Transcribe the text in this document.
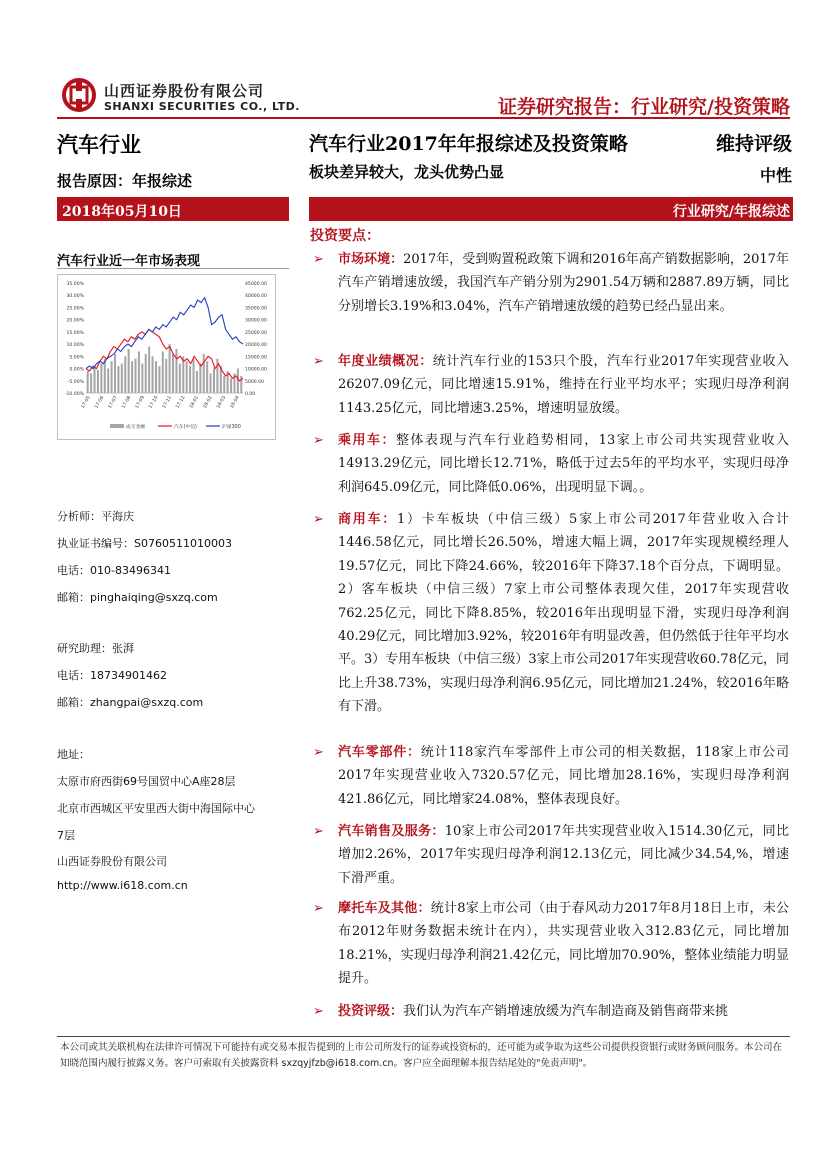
山西证券股份有限公司
SHANXI SECURITIES CO., LTD.	证券研究报告：行业研究/投资策略
汽车行业	汽车行业2017年年报综述及投资策略	维持评级
报告原因：年报综述	板块差异较大，龙头优势凸显	中性
2018年05月10日	行业研究/年报综述
汽车行业近一年市场表现
35.00%
30.00%
25.00%
20.00%
15.00%
10.00%
5.00%
0.00%
-5.00%
-10.00%
45000.00
40000.00
35000.00
30000.00
25000.00
20000.00
15000.00
10000.00
5000.00
0.00
17-05 17-06 17-07 17-08 17-09 17-10 17-11 17-12 18-01 18-02 18-03 18-04
成交金额	汽车(中信)	沪深300
分析师：平海庆
执业证书编号：S0760511010003
电话：010-83496341
邮箱：pinghaiqing@sxzq.com
研究助理：张湃
电话：18734901462
邮箱：zhangpai@sxzq.com
地址：
太原市府西街69号国贸中心A座28层
北京市西城区平安里西大街中海国际中心
7层
山西证券股份有限公司
http://www.i618.com.cn
投资要点：
➢	市场环境：2017年，受到购置税政策下调和2016年高产销数据影响，2017年汽车产销增速放缓，我国汽车产销分别为2901.54万辆和2887.89万辆，同比分别增长3.19%和3.04%，汽车产销增速放缓的趋势已经凸显出来。
➢	年度业绩概况：统计汽车行业的153只个股，汽车行业2017年实现营业收入26207.09亿元，同比增速15.91%，维持在行业平均水平；实现归母净利润1143.25亿元，同比增速3.25%，增速明显放缓。
➢	乘用车：整体表现与汽车行业趋势相同，13家上市公司共实现营业收入14913.29亿元，同比增长12.71%，略低于过去5年的平均水平，实现归母净利润645.09亿元，同比降低0.06%，出现明显下调。。
➢	商用车：1）卡车板块（中信三级）5家上市公司2017年营业收入合计1446.58亿元，同比增长26.50%，增速大幅上调，2017年实现规模经理人19.57亿元，同比下降24.66%，较2016年下降37.18个百分点，下调明显。2）客车板块（中信三级）7家上市公司整体表现欠佳，2017年实现营收762.25亿元，同比下降8.85%，较2016年出现明显下滑，实现归母净利润40.29亿元，同比增加3.92%，较2016年有明显改善，但仍然低于往年平均水平。3）专用车板块（中信三级）3家上市公司2017年实现营收60.78亿元，同比上升38.73%，实现归母净利润6.95亿元，同比增加21.24%，较2016年略有下滑。
➢	汽车零部件：统计118家汽车零部件上市公司的相关数据，118家上市公司2017年实现营业收入7320.57亿元，同比增加28.16%，实现归母净利润421.86亿元，同比增家24.08%，整体表现良好。
➢	汽车销售及服务：10家上市公司2017年共实现营业收入1514.30亿元，同比增加2.26%，2017年实现归母净利润12.13亿元，同比减少34.54,%，增速下滑严重。
➢	摩托车及其他：统计8家上市公司（由于春风动力2017年8月18日上市，未公布2012年财务数据未统计在内），共实现营业收入312.83亿元，同比增加18.21%，实现归母净利润21.42亿元，同比增加70.90%，整体业绩能力明显提升。
➢	投资评级：我们认为汽车产销增速放缓为汽车制造商及销售商带来挑
本公司或其关联机构在法律许可情况下可能持有或交易本报告提到的上市公司所发行的证券或投资标的，还可能为或争取为这些公司提供投资银行或财务顾问服务。本公司在知晓范围内履行披露义务。客户可索取有关披露资料 sxzqyjfzb@i618.com.cn。客户应全面理解本报告结尾处的"免责声明"。
